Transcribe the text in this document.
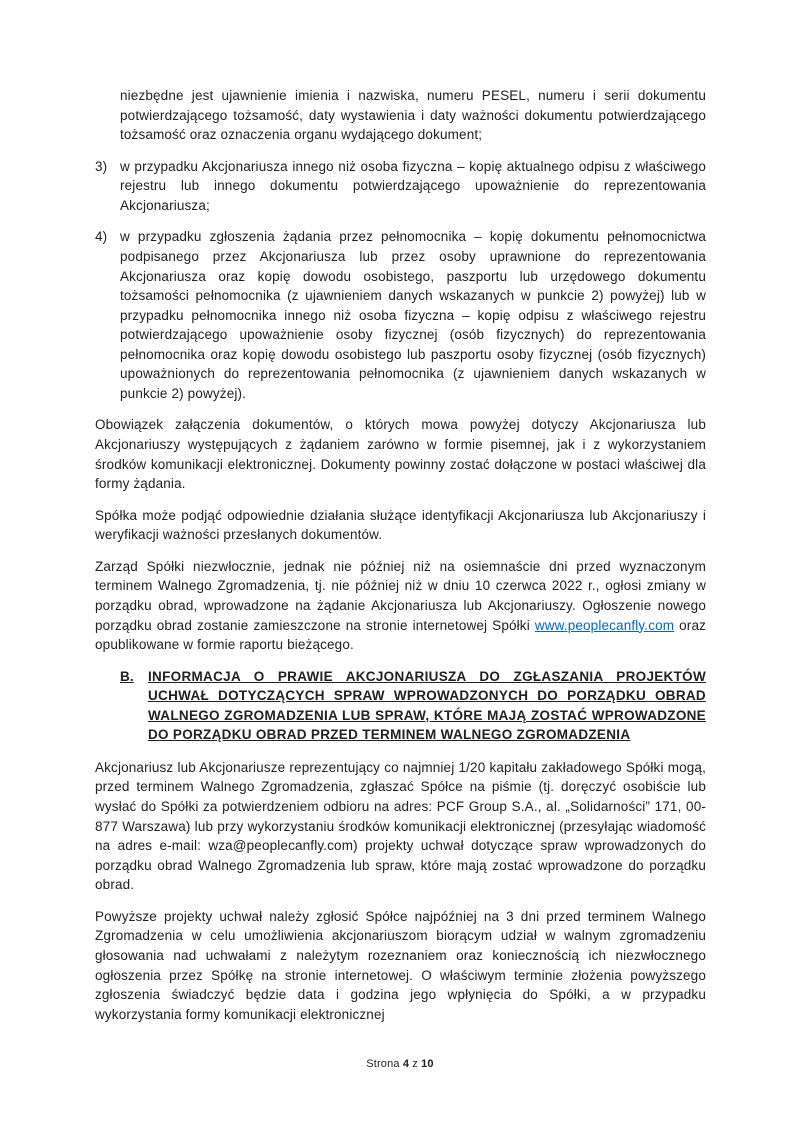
niezbędne jest ujawnienie imienia i nazwiska, numeru PESEL, numeru i serii dokumentu potwierdzającego tożsamość, daty wystawienia i daty ważności dokumentu potwierdzającego tożsamość oraz oznaczenia organu wydającego dokument;

3) w przypadku Akcjonariusza innego niż osoba fizyczna – kopię aktualnego odpisu z właściwego rejestru lub innego dokumentu potwierdzającego upoważnienie do reprezentowania Akcjonariusza;
4) w przypadku zgłoszenia żądania przez pełnomocnika – kopię dokumentu pełnomocnictwa podpisanego przez Akcjonariusza lub przez osoby uprawnione do reprezentowania Akcjonariusza oraz kopię dowodu osobistego, paszportu lub urzędowego dokumentu tożsamości pełnomocnika (z ujawnieniem danych wskazanych w punkcie 2) powyżej) lub w przypadku pełnomocnika innego niż osoba fizyczna – kopię odpisu z właściwego rejestru potwierdzającego upoważnienie osoby fizycznej (osób fizycznych) do reprezentowania pełnomocnika oraz kopię dowodu osobistego lub paszportu osoby fizycznej (osób fizycznych) upoważnionych do reprezentowania pełnomocnika (z ujawnieniem danych wskazanych w punkcie 2) powyżej).

Obowiązek załączenia dokumentów, o których mowa powyżej dotyczy Akcjonariusza lub Akcjonariuszy występujących z żądaniem zarówno w formie pisemnej, jak i z wykorzystaniem środków komunikacji elektronicznej. Dokumenty powinny zostać dołączone w postaci właściwej dla formy żądania.

Spółka może podjąć odpowiednie działania służące identyfikacji Akcjonariusza lub Akcjonariuszy i weryfikacji ważności przesłanych dokumentów.

Zarząd Spółki niezwłocznie, jednak nie później niż na osiemnaście dni przed wyznaczonym terminem Walnego Zgromadzenia, tj. nie później niż w dniu 10 czerwca 2022 r., ogłosi zmiany w porządku obrad, wprowadzone na żądanie Akcjonariusza lub Akcjonariuszy. Ogłoszenie nowego porządku obrad zostanie zamieszczone na stronie internetowej Spółki www.peoplecanfly.com oraz opublikowane w formie raportu bieżącego.

B.	INFORMACJA O PRAWIE AKCJONARIUSZA DO ZGŁASZANIA PROJEKTÓW UCHWAŁ DOTYCZĄCYCH SPRAW WPROWADZONYCH DO PORZĄDKU OBRAD WALNEGO ZGROMADZENIA LUB SPRAW, KTÓRE MAJĄ ZOSTAĆ WPROWADZONE DO PORZĄDKU OBRAD PRZED TERMINEM WALNEGO ZGROMADZENIA

Akcjonariusz lub Akcjonariusze reprezentujący co najmniej 1/20 kapitału zakładowego Spółki mogą, przed terminem Walnego Zgromadzenia, zgłaszać Spółce na piśmie (tj. doręczyć osobiście lub wysłać do Spółki za potwierdzeniem odbioru na adres: PCF Group S.A., al. „Solidarności” 171, 00-877 Warszawa) lub przy wykorzystaniu środków komunikacji elektronicznej (przesyłając wiadomość na adres e-mail: wza@peoplecanfly.com) projekty uchwał dotyczące spraw wprowadzonych do porządku obrad Walnego Zgromadzenia lub spraw, które mają zostać wprowadzone do porządku obrad.

Powyższe projekty uchwał należy zgłosić Spółce najpóźniej na 3 dni przed terminem Walnego Zgromadzenia w celu umożliwienia akcjonariuszom biorącym udział w walnym zgromadzeniu głosowania nad uchwałami z należytym rozeznaniem oraz koniecznością ich niezwłocznego ogłoszenia przez Spółkę na stronie internetowej. O właściwym terminie złożenia powyższego zgłoszenia świadczyć będzie data i godzina jego wpłynięcia do Spółki, a w przypadku wykorzystania formy komunikacji elektronicznej

Strona 4 z 10
